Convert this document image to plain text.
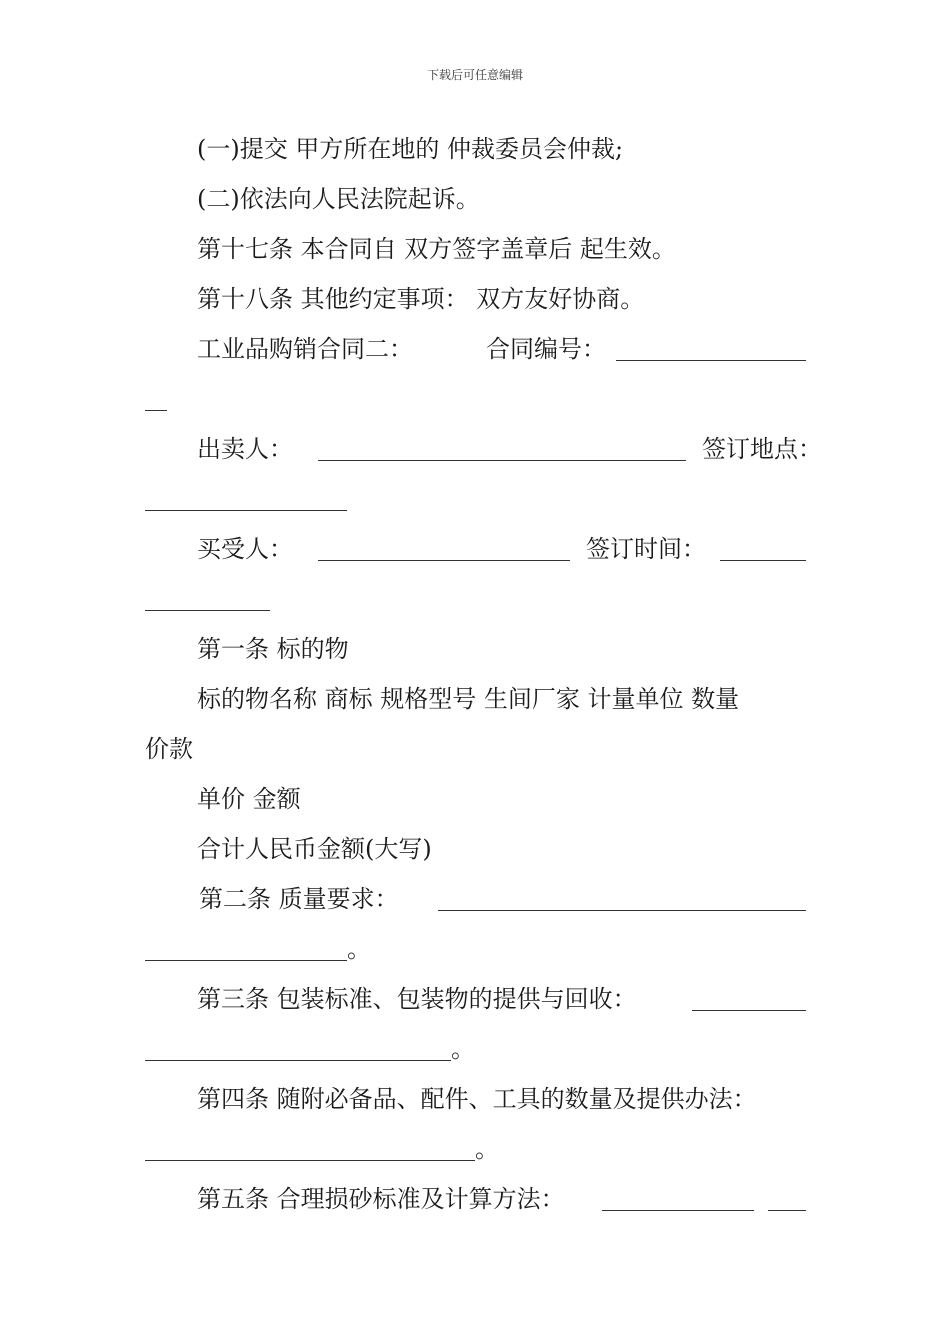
下载后可任意编辑
(一)提交 甲方所在地的 仲裁委员会仲裁;
(二)依法向人民法院起诉。
第十七条 本合同自 双方签字盖章后 起生效。
第十八条 其他约定事项： 双方友好协商。
工业品购销合同二：	合同编号：
出卖人：	签订地点：
买受人：	签订时间：
第一条 标的物
标的物名称 商标 规格型号 生间厂家 计量单位 数量
价款
单价 金额
合计人民币金额(大写)
第二条 质量要求：
。
第三条 包装标准、包装物的提供与回收：
。
第四条 随附必备品、配件、工具的数量及提供办法：
。
第五条 合理损砂标准及计算方法：
